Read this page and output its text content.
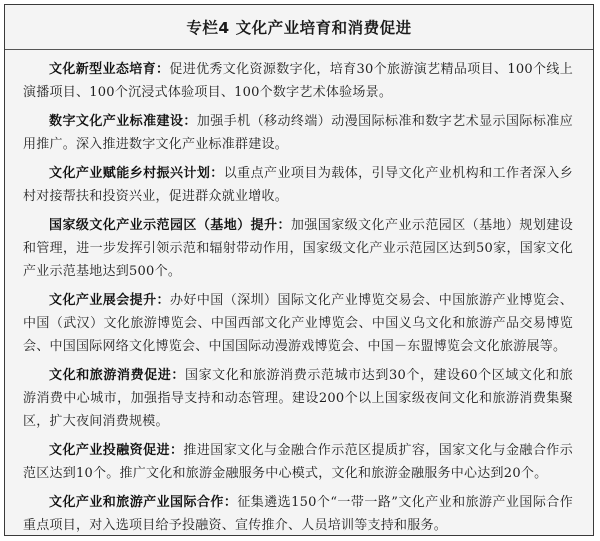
专栏4 文化产业培育和消费促进

文化新型业态培育：促进优秀文化资源数字化，培育30个旅游演艺精品项目、100个线上演播项目、100个沉浸式体验项目、100个数字艺术体验场景。

数字文化产业标准建设：加强手机（移动终端）动漫国际标准和数字艺术显示国际标准应用推广。深入推进数字文化产业标准群建设。

文化产业赋能乡村振兴计划：以重点产业项目为载体，引导文化产业机构和工作者深入乡村对接帮扶和投资兴业，促进群众就业增收。

国家级文化产业示范园区（基地）提升：加强国家级文化产业示范园区（基地）规划建设和管理，进一步发挥引领示范和辐射带动作用，国家级文化产业示范园区达到50家，国家文化产业示范基地达到500个。

文化产业展会提升：办好中国（深圳）国际文化产业博览交易会、中国旅游产业博览会、中国（武汉）文化旅游博览会、中国西部文化产业博览会、中国义乌文化和旅游产品交易博览会、中国国际网络文化博览会、中国国际动漫游戏博览会、中国－东盟博览会文化旅游展等。

文化和旅游消费促进：国家文化和旅游消费示范城市达到30个，建设60个区域文化和旅游消费中心城市，加强指导支持和动态管理。建设200个以上国家级夜间文化和旅游消费集聚区，扩大夜间消费规模。

文化产业投融资促进：推进国家文化与金融合作示范区提质扩容，国家文化与金融合作示范区达到10个。推广文化和旅游金融服务中心模式，文化和旅游金融服务中心达到20个。

文化产业和旅游产业国际合作：征集遴选150个“一带一路”文化产业和旅游产业国际合作重点项目，对入选项目给予投融资、宣传推介、人员培训等支持和服务。
